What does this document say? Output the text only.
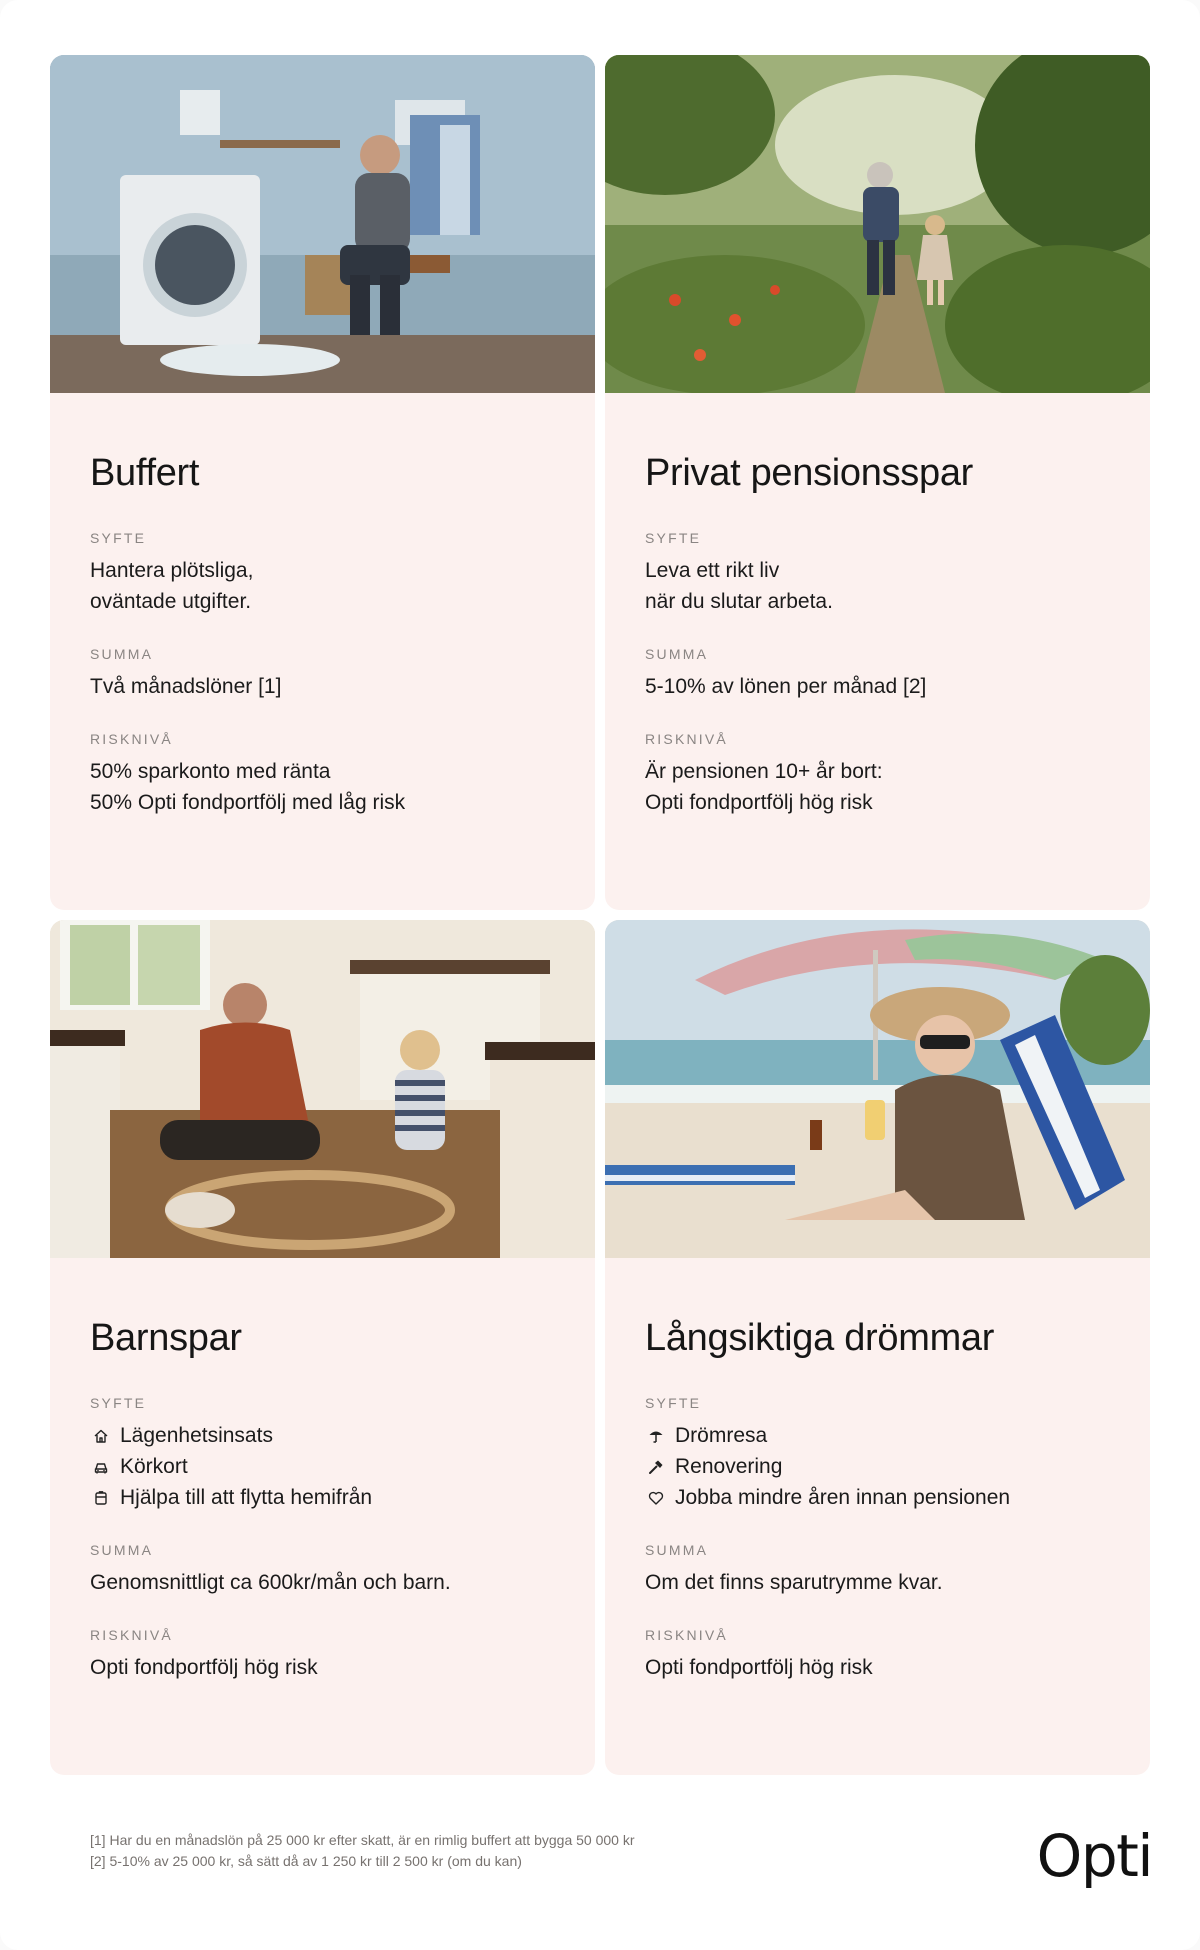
Buffert
SYFTE
Hantera plötsliga,
oväntade utgifter.
SUMMA
Två månadslöner [1]
RISKNIVÅ
50% sparkonto med ränta
50% Opti fondportfölj med låg risk
Privat pensionsspar
SYFTE
Leva ett rikt liv
när du slutar arbeta.
SUMMA
5-10% av lönen per månad [2]
RISKNIVÅ
Är pensionen 10+ år bort:
Opti fondportfölj hög risk
Barnspar
SYFTE
Lägenhetsinsats
Körkort
Hjälpa till att flytta hemifrån
SUMMA
Genomsnittligt ca 600kr/mån och barn.
RISKNIVÅ
Opti fondportfölj hög risk
Långsiktiga drömmar
SYFTE
Drömresa
Renovering
Jobba mindre åren innan pensionen
SUMMA
Om det finns sparutrymme kvar.
RISKNIVÅ
Opti fondportfölj hög risk
[1] Har du en månadslön på 25 000 kr efter skatt, är en rimlig buffert att bygga 50 000 kr
[2] 5-10% av 25 000 kr, så sätt då av 1 250 kr till 2 500 kr (om du kan)	Opti
